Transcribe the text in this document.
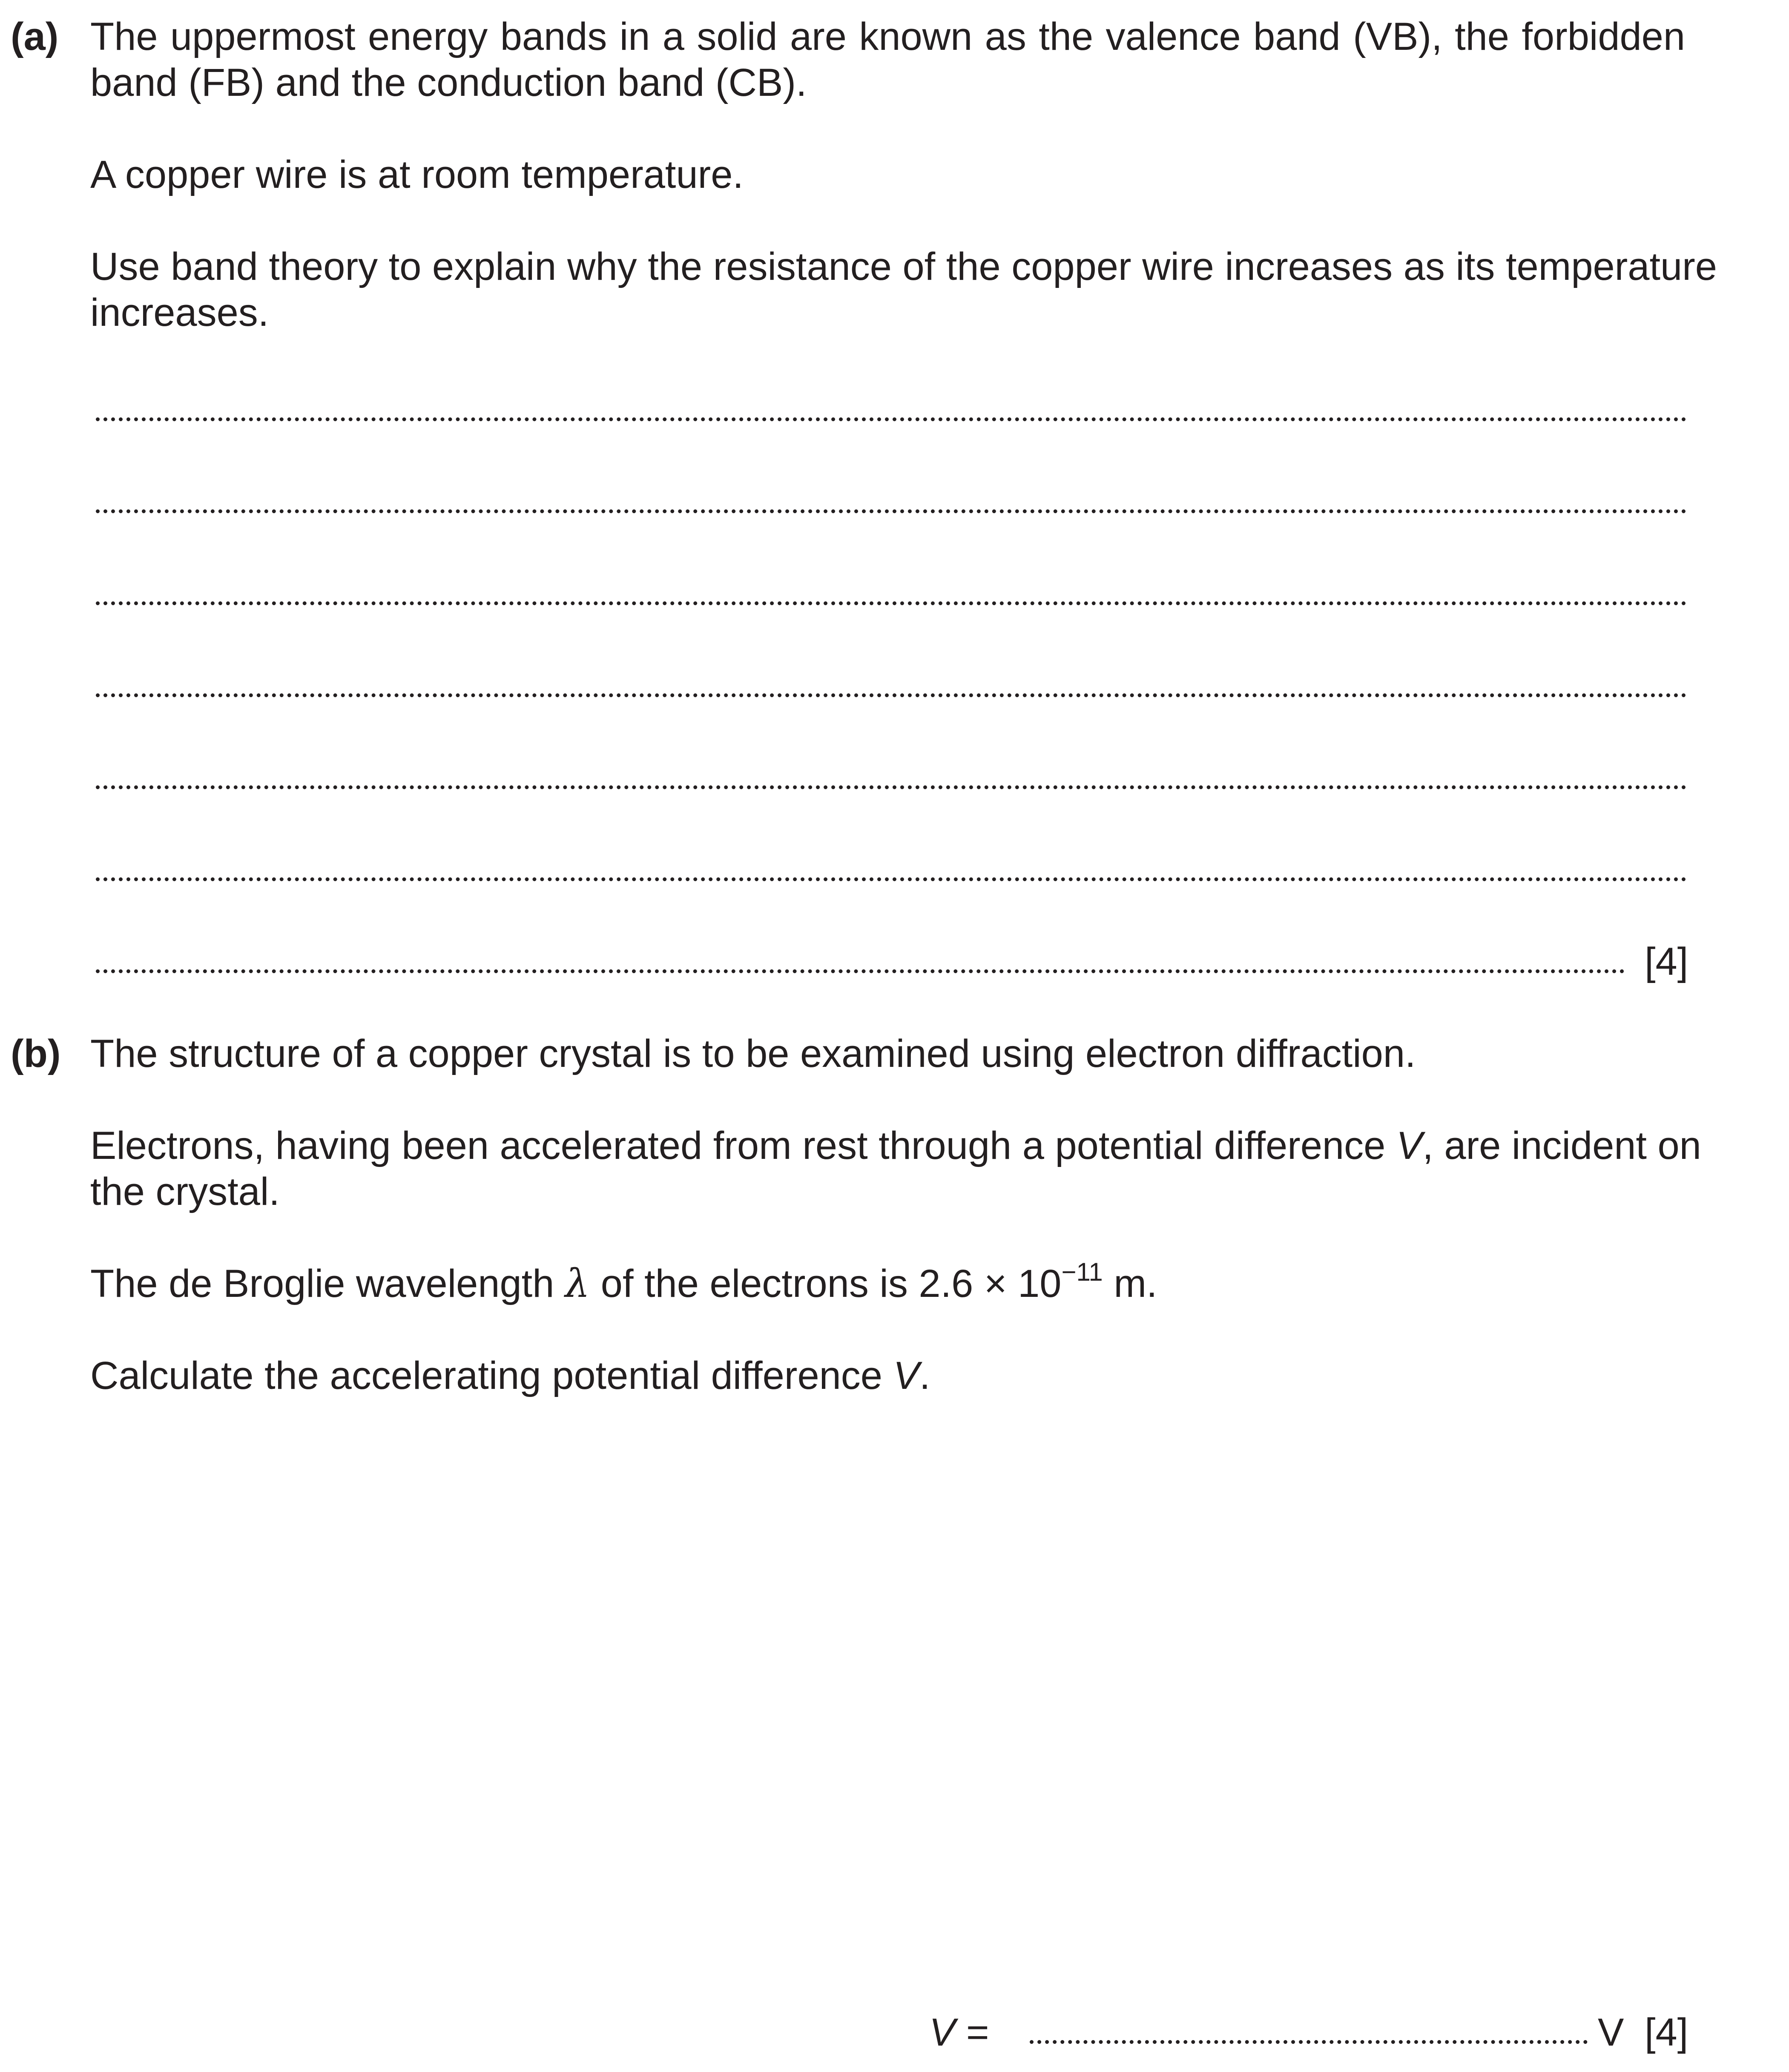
(a) The uppermost energy bands in a solid are known as the valence band (VB), the forbidden
band (FB) and the conduction band (CB).
A copper wire is at room temperature.
Use band theory to explain why the resistance of the copper wire increases as its temperature
increases.
[4]
(b) The structure of a copper crystal is to be examined using electron diffraction.
Electrons, having been accelerated from rest through a potential difference V, are incident on
the crystal.
The de Broglie wavelength λ of the electrons is $2.6 \times 10^{-11}$ m.
Calculate the accelerating potential difference V.
V =	V [4]
